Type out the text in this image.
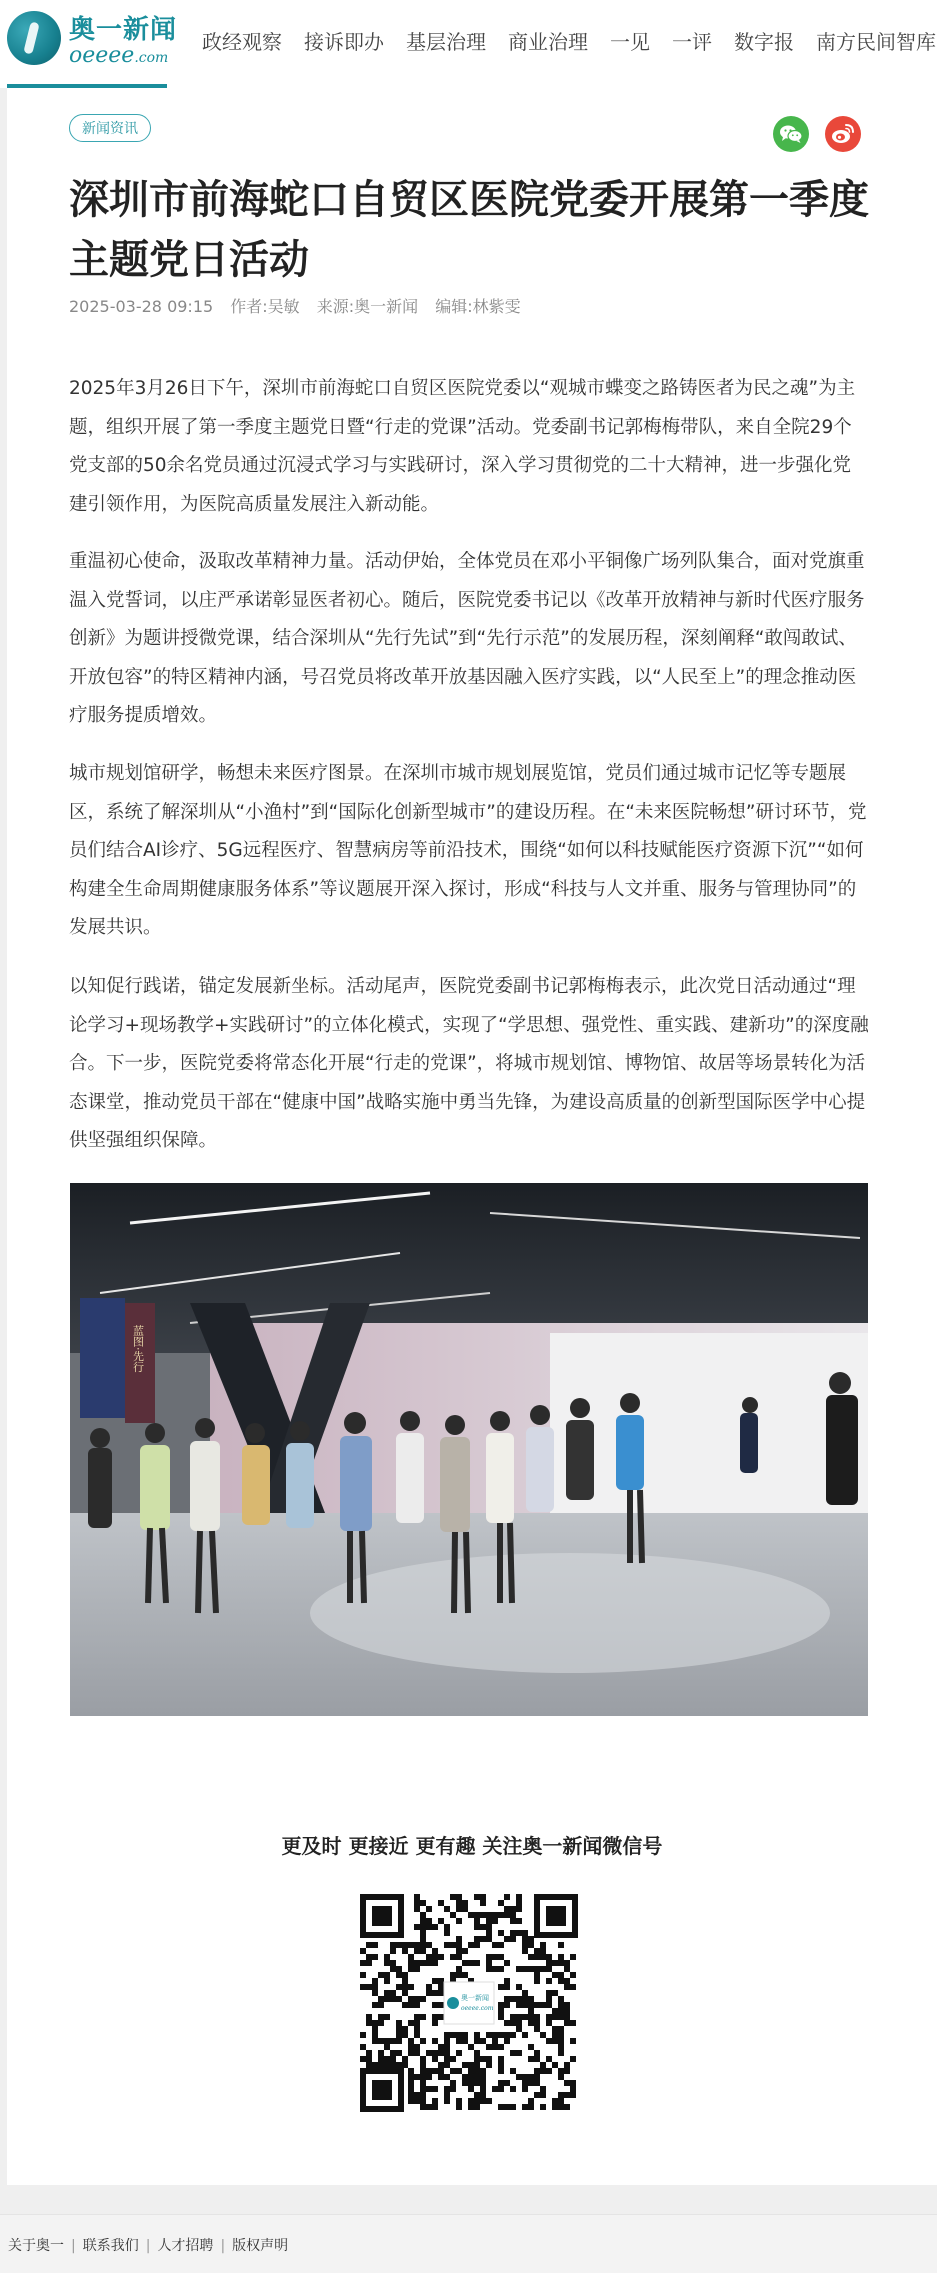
奥一新闻
oeeee.com
政经观察 接诉即办 基层治理 商业治理 一见 一评 数字报 南方民间智库
新闻资讯
深圳市前海蛇口自贸区医院党委开展第一季度主题党日活动
2025-03-28 09:15 作者:吴敏 来源:奥一新闻 编辑:林紫雯

2025年3月26日下午，深圳市前海蛇口自贸区医院党委以“观城市蝶变之路铸医者为民之魂”为主题，组织开展了第一季度主题党日暨“行走的党课”活动。党委副书记郭梅梅带队，来自全院29个党支部的50余名党员通过沉浸式学习与实践研讨，深入学习贯彻党的二十大精神，进一步强化党建引领作用，为医院高质量发展注入新动能。

重温初心使命，汲取改革精神力量。活动伊始，全体党员在邓小平铜像广场列队集合，面对党旗重温入党誓词，以庄严承诺彰显医者初心。随后，医院党委书记以《改革开放精神与新时代医疗服务创新》为题讲授微党课，结合深圳从“先行先试”到“先行示范”的发展历程，深刻阐释“敢闯敢试、开放包容”的特区精神内涵，号召党员将改革开放基因融入医疗实践，以“人民至上”的理念推动医疗服务提质增效。

城市规划馆研学，畅想未来医疗图景。在深圳市城市规划展览馆，党员们通过城市记忆等专题展区，系统了解深圳从“小渔村”到“国际化创新型城市”的建设历程。在“未来医院畅想”研讨环节，党员们结合AI诊疗、5G远程医疗、智慧病房等前沿技术，围绕“如何以科技赋能医疗资源下沉”“如何构建全生命周期健康服务体系”等议题展开深入探讨，形成“科技与人文并重、服务与管理协同”的发展共识。

以知促行践诺，锚定发展新坐标。活动尾声，医院党委副书记郭梅梅表示，此次党日活动通过“理论学习+现场教学+实践研讨”的立体化模式，实现了“学思想、强党性、重实践、建新功”的深度融合。下一步，医院党委将常态化开展“行走的党课”，将城市规划馆、博物馆、故居等场景转化为活态课堂，推动党员干部在“健康中国”战略实施中勇当先锋，为建设高质量的创新型国际医学中心提供坚强组织保障。

蓝图·先行
更及时 更接近 更有趣 关注奥一新闻微信号
奥一新闻
oeeee.com
关于奥一 | 联系我们 | 人才招聘 | 版权声明
